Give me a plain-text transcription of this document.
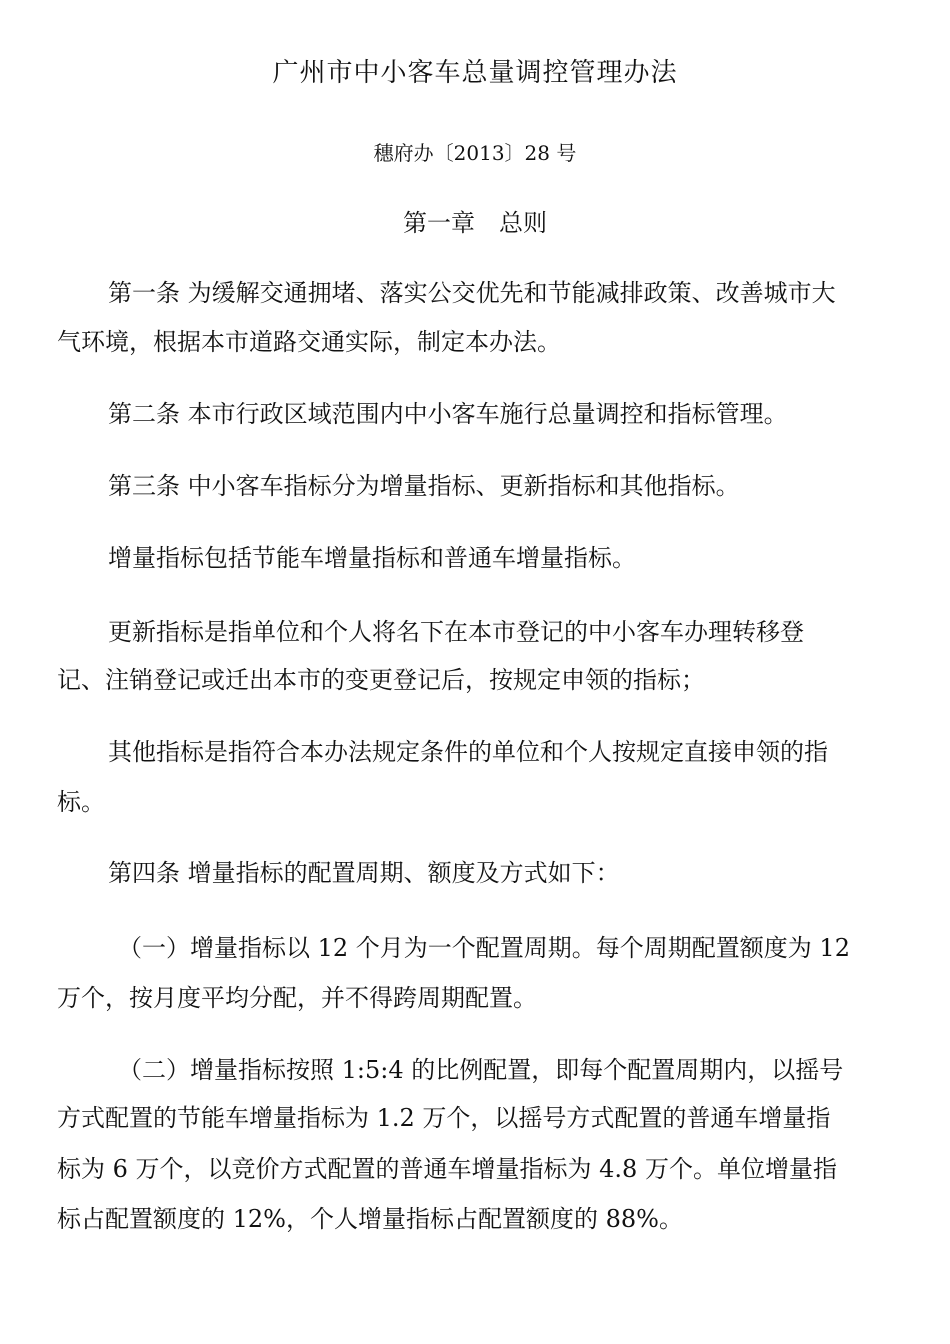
广州市中小客车总量调控管理办法
穗府办〔2013〕28 号
第一章 总则
第一条 为缓解交通拥堵、落实公交优先和节能减排政策、改善城市大
气环境，根据本市道路交通实际，制定本办法。
第二条 本市行政区域范围内中小客车施行总量调控和指标管理。
第三条 中小客车指标分为增量指标、更新指标和其他指标。
增量指标包括节能车增量指标和普通车增量指标。
更新指标是指单位和个人将名下在本市登记的中小客车办理转移登
记、注销登记或迁出本市的变更登记后，按规定申领的指标；
其他指标是指符合本办法规定条件的单位和个人按规定直接申领的指
标。
第四条 增量指标的配置周期、额度及方式如下：
（一）增量指标以 12 个月为一个配置周期。每个周期配置额度为 12
万个，按月度平均分配，并不得跨周期配置。
（二）增量指标按照 1:5:4 的比例配置，即每个配置周期内，以摇号
方式配置的节能车增量指标为 1.2 万个，以摇号方式配置的普通车增量指
标为 6 万个，以竞价方式配置的普通车增量指标为 4.8 万个。单位增量指
标占配置额度的 12%，个人增量指标占配置额度的 88%。
